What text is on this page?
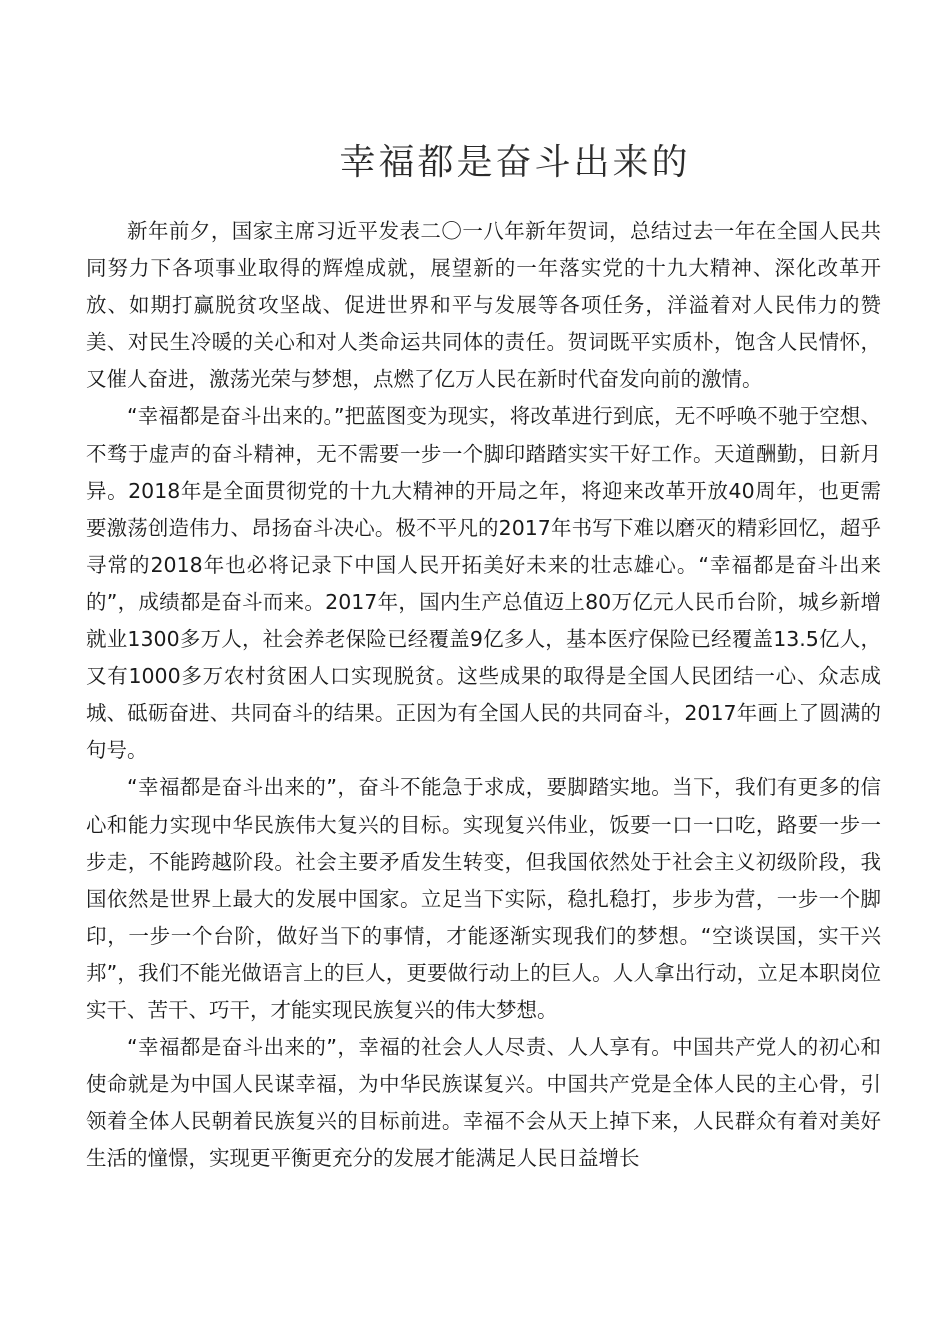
幸福都是奋斗出来的

新年前夕，国家主席习近平发表二〇一八年新年贺词，总结过去一年在全国人民共同努力下各项事业取得的辉煌成就，展望新的一年落实党的十九大精神、深化改革开放、如期打赢脱贫攻坚战、促进世界和平与发展等各项任务，洋溢着对人民伟力的赞美、对民生冷暖的关心和对人类命运共同体的责任。贺词既平实质朴，饱含人民情怀，又催人奋进，激荡光荣与梦想，点燃了亿万人民在新时代奋发向前的激情。

“幸福都是奋斗出来的。”把蓝图变为现实，将改革进行到底，无不呼唤不驰于空想、不骛于虚声的奋斗精神，无不需要一步一个脚印踏踏实实干好工作。天道酬勤，日新月异。2018年是全面贯彻党的十九大精神的开局之年，将迎来改革开放40周年，也更需要激荡创造伟力、昂扬奋斗决心。极不平凡的2017年书写下难以磨灭的精彩回忆，超乎寻常的2018年也必将记录下中国人民开拓美好未来的壮志雄心。“幸福都是奋斗出来的”，成绩都是奋斗而来。2017年，国内生产总值迈上80万亿元人民币台阶，城乡新增就业1300多万人，社会养老保险已经覆盖9亿多人，基本医疗保险已经覆盖13.5亿人，又有1000多万农村贫困人口实现脱贫。这些成果的取得是全国人民团结一心、众志成城、砥砺奋进、共同奋斗的结果。正因为有全国人民的共同奋斗，2017年画上了圆满的句号。

“幸福都是奋斗出来的”，奋斗不能急于求成，要脚踏实地。当下，我们有更多的信心和能力实现中华民族伟大复兴的目标。实现复兴伟业，饭要一口一口吃，路要一步一步走，不能跨越阶段。社会主要矛盾发生转变，但我国依然处于社会主义初级阶段，我国依然是世界上最大的发展中国家。立足当下实际，稳扎稳打，步步为营，一步一个脚印，一步一个台阶，做好当下的事情，才能逐渐实现我们的梦想。“空谈误国，实干兴邦”，我们不能光做语言上的巨人，更要做行动上的巨人。人人拿出行动，立足本职岗位实干、苦干、巧干，才能实现民族复兴的伟大梦想。

“幸福都是奋斗出来的”，幸福的社会人人尽责、人人享有。中国共产党人的初心和使命就是为中国人民谋幸福，为中华民族谋复兴。中国共产党是全体人民的主心骨，引领着全体人民朝着民族复兴的目标前进。幸福不会从天上掉下来，人民群众有着对美好生活的憧憬，实现更平衡更充分的发展才能满足人民日益增长
